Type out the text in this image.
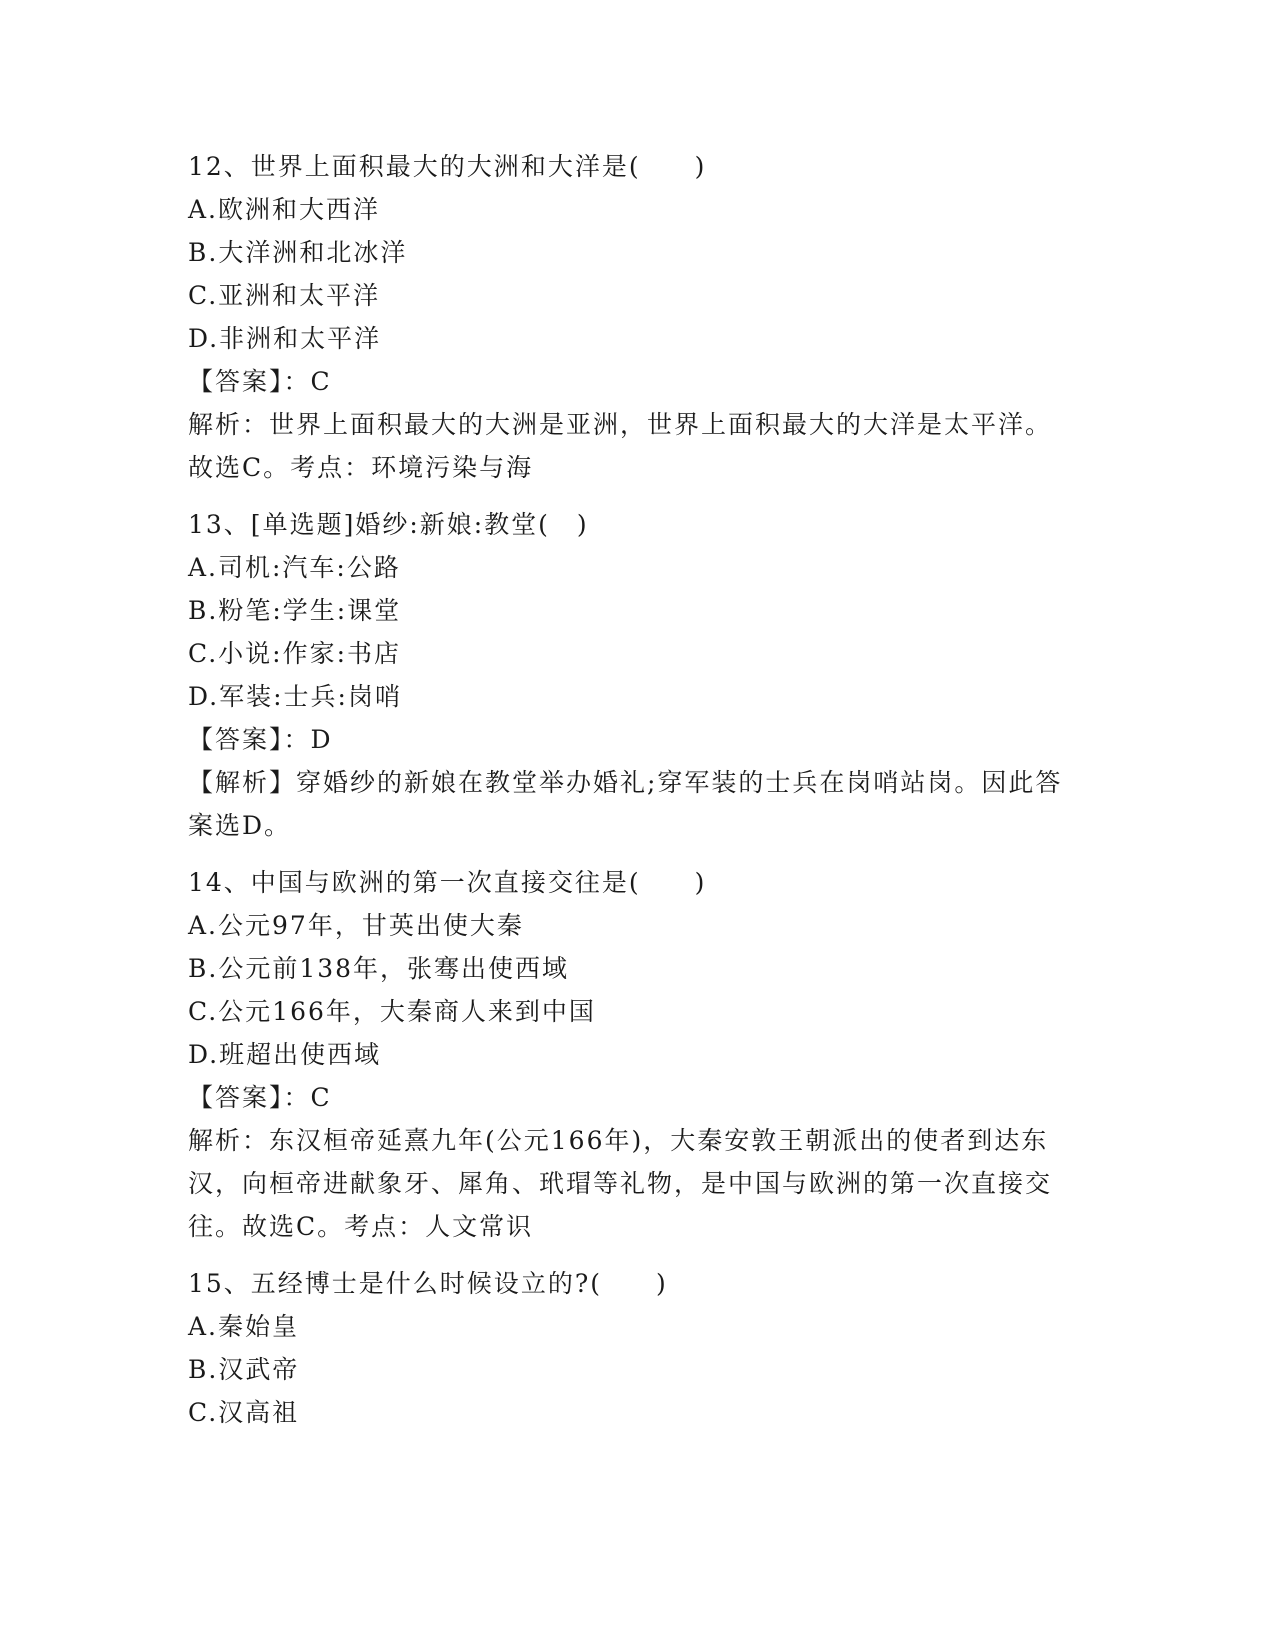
12、世界上面积最大的大洲和大洋是(　　)
A.欧洲和大西洋
B.大洋洲和北冰洋
C.亚洲和太平洋
D.非洲和太平洋
【答案】：C
解析：世界上面积最大的大洲是亚洲，世界上面积最大的大洋是太平洋。故选C。考点：环境污染与海
13、[单选题]婚纱:新娘:教堂(　)
A.司机:汽车:公路
B.粉笔:学生:课堂
C.小说:作家:书店
D.军装:士兵:岗哨
【答案】：D
【解析】穿婚纱的新娘在教堂举办婚礼;穿军装的士兵在岗哨站岗。因此答案选D。
14、中国与欧洲的第一次直接交往是(　　)
A.公元97年，甘英出使大秦
B.公元前138年，张骞出使西域
C.公元166年，大秦商人来到中国
D.班超出使西域
【答案】：C
解析：东汉桓帝延熹九年(公元166年)，大秦安敦王朝派出的使者到达东汉，向桓帝进献象牙、犀角、玳瑁等礼物，是中国与欧洲的第一次直接交往。故选C。考点：人文常识
15、五经博士是什么时候设立的?(　　)
A.秦始皇
B.汉武帝
C.汉高祖
